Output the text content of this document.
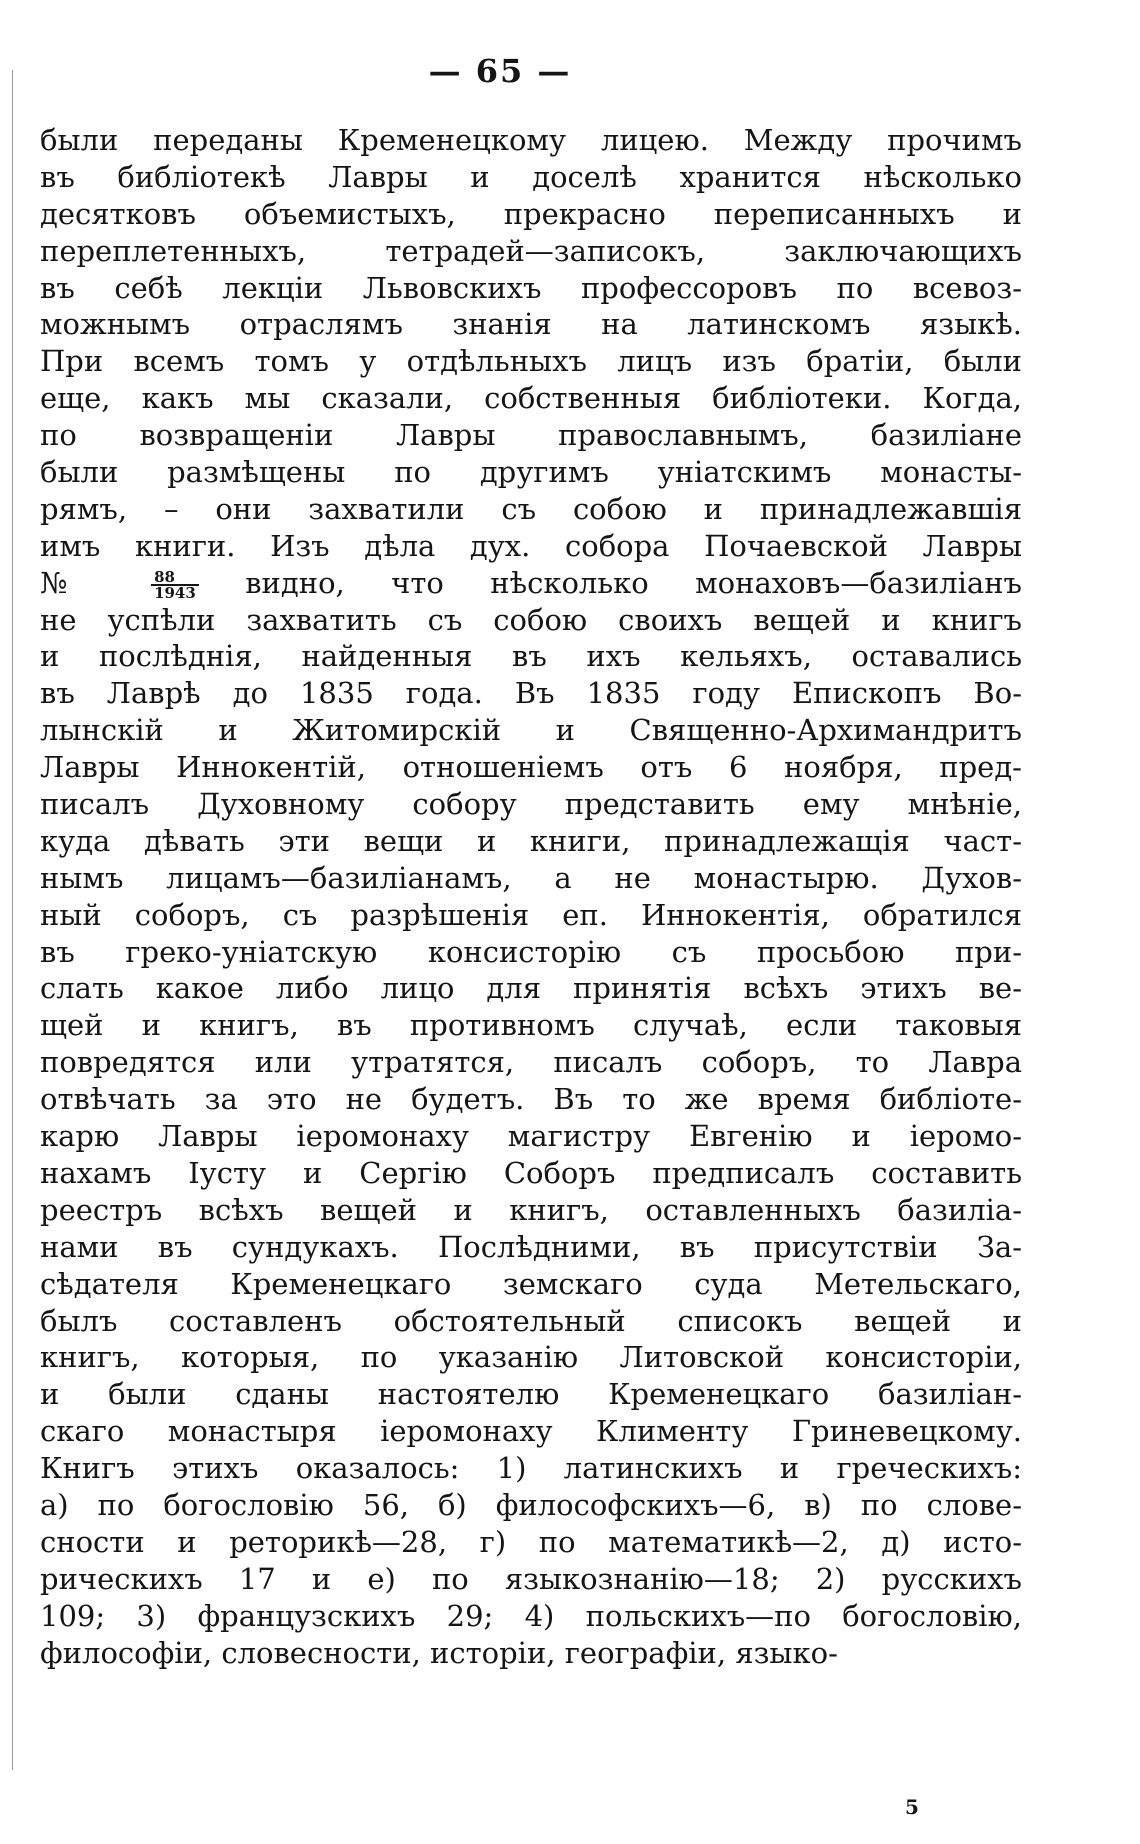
— 65 —
были переданы Кременецкому лицею. Между прочимъ
въ библіотекѣ Лавры и доселѣ хранится нѣсколько
десятковъ объемистыхъ, прекрасно переписанныхъ и
переплетенныхъ, тетрадей—записокъ, заключающихъ
въ себѣ лекціи Львовскихъ профессоровъ по всевоз-
можнымъ отраслямъ знанія на латинскомъ языкѣ.
При всемъ томъ у отдѣльныхъ лицъ изъ братіи, были
еще, какъ мы сказали, собственныя библіотеки. Когда,
по возвращеніи Лавры православнымъ, базиліане
были размѣщены по другимъ уніатскимъ монасты-
рямъ, – они захватили съ собою и принадлежавшія
имъ книги. Изъ дѣла дух. собора Почаевской Лавры
№	$\frac{88}{1943}$ видно, что нѣсколько монаховъ—базиліанъ
не успѣли захватить съ собою своихъ вещей и книгъ
и послѣднія, найденныя въ ихъ кельяхъ, оставались
въ Лаврѣ до 1835 года. Въ 1835 году Епископъ Во-
лынскій и Житомирскій и Священно-Архимандритъ
Лавры Иннокентій, отношеніемъ отъ 6 ноября, пред-
писалъ Духовному собору представить ему мнѣніе,
куда дѣвать эти вещи и книги, принадлежащія част-
нымъ лицамъ—базиліанамъ, а не монастырю. Духов-
ный соборъ, съ разрѣшенія еп. Иннокентія, обратился
въ греко-уніатскую консисторію съ просьбою при-
слать какое либо лицо для принятія всѣхъ этихъ ве-
щей и книгъ, въ противномъ случаѣ, если таковыя
повредятся или утратятся, писалъ соборъ, то Лавра
отвѣчать за это не будетъ. Въ то же время библіоте-
карю Лавры іеромонаху магистру Евгенію и іеромо-
нахамъ Іусту и Сергію Соборъ предписалъ составить
реестръ всѣхъ вещей и книгъ, оставленныхъ базиліа-
нами въ сундукахъ. Послѣдними, въ присутствіи За-
сѣдателя Кременецкаго земскаго суда Метельскаго,
былъ составленъ обстоятельный списокъ вещей и
книгъ, которыя, по указанію Литовской консисторіи,
и были сданы настоятелю Кременецкаго базиліан-
скаго монастыря іеромонаху Клименту Гриневецкому.
Книгъ этихъ оказалось: 1) латинскихъ и греческихъ:
а) по богословію 56, б) философскихъ—6, в) по слове-
сности и реторикѣ—28, г) по математикѣ—2, д) исто-
рическихъ 17 и е) по языкознанію—18; 2) русскихъ
109; 3) французскихъ 29; 4) польскихъ—по богословію,
философіи, словесности, исторіи, географіи, языко-
5
